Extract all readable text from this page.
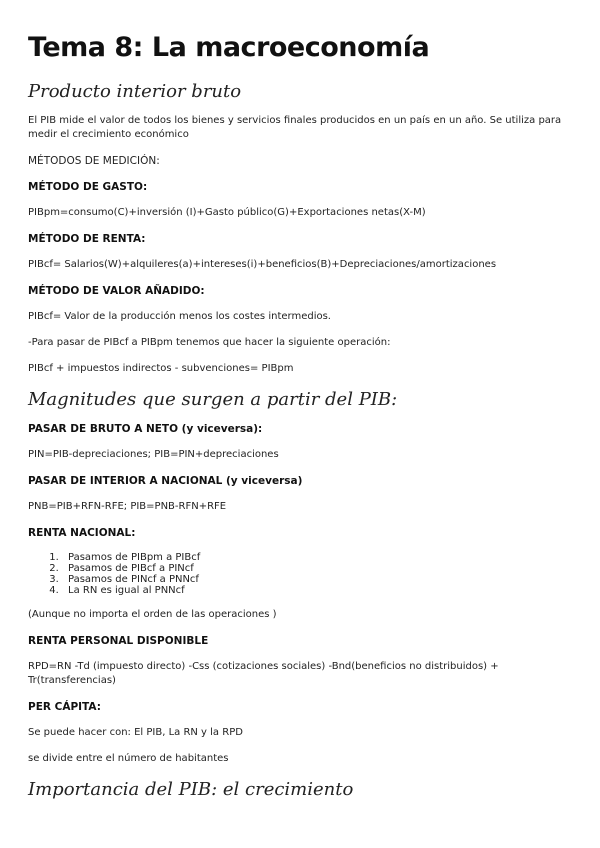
Tema 8: La macroeconomía
Producto interior bruto

El PIB mide el valor de todos los bienes y servicios finales producidos en un país en un año. Se utiliza para medir el crecimiento económico

MÉTODOS DE MEDICIÓN:

MÉTODO DE GASTO:

PIBpm=consumo(C)+inversión (I)+Gasto público(G)+Exportaciones netas(X-M)

MÉTODO DE RENTA:

PIBcf= Salarios(W)+alquileres(a)+intereses(i)+beneficios(B)+Depreciaciones/amortizaciones

MÉTODO DE VALOR AÑADIDO:

PIBcf= Valor de la producción menos los costes intermedios.

-Para pasar de PIBcf a PIBpm tenemos que hacer la siguiente operación:

PIBcf + impuestos indirectos - subvenciones= PIBpm

Magnitudes que surgen a partir del PIB:

PASAR DE BRUTO A NETO (y viceversa):

PIN=PIB-depreciaciones; PIB=PIN+depreciaciones

PASAR DE INTERIOR A NACIONAL (y viceversa)

PNB=PIB+RFN-RFE; PIB=PNB-RFN+RFE

RENTA NACIONAL:

1. Pasamos de PIBpm a PIBcf
2. Pasamos de PIBcf a PINcf
3. Pasamos de PINcf a PNNcf
4. La RN es igual al PNNcf

(Aunque no importa el orden de las operaciones )

RENTA PERSONAL DISPONIBLE

RPD=RN -Td (impuesto directo) -Css (cotizaciones sociales) -Bnd(beneficios no distribuidos) + Tr(transferencias)

PER CÁPITA:

Se puede hacer con: El PIB, La RN y la RPD

se divide entre el número de habitantes

Importancia del PIB: el crecimiento
